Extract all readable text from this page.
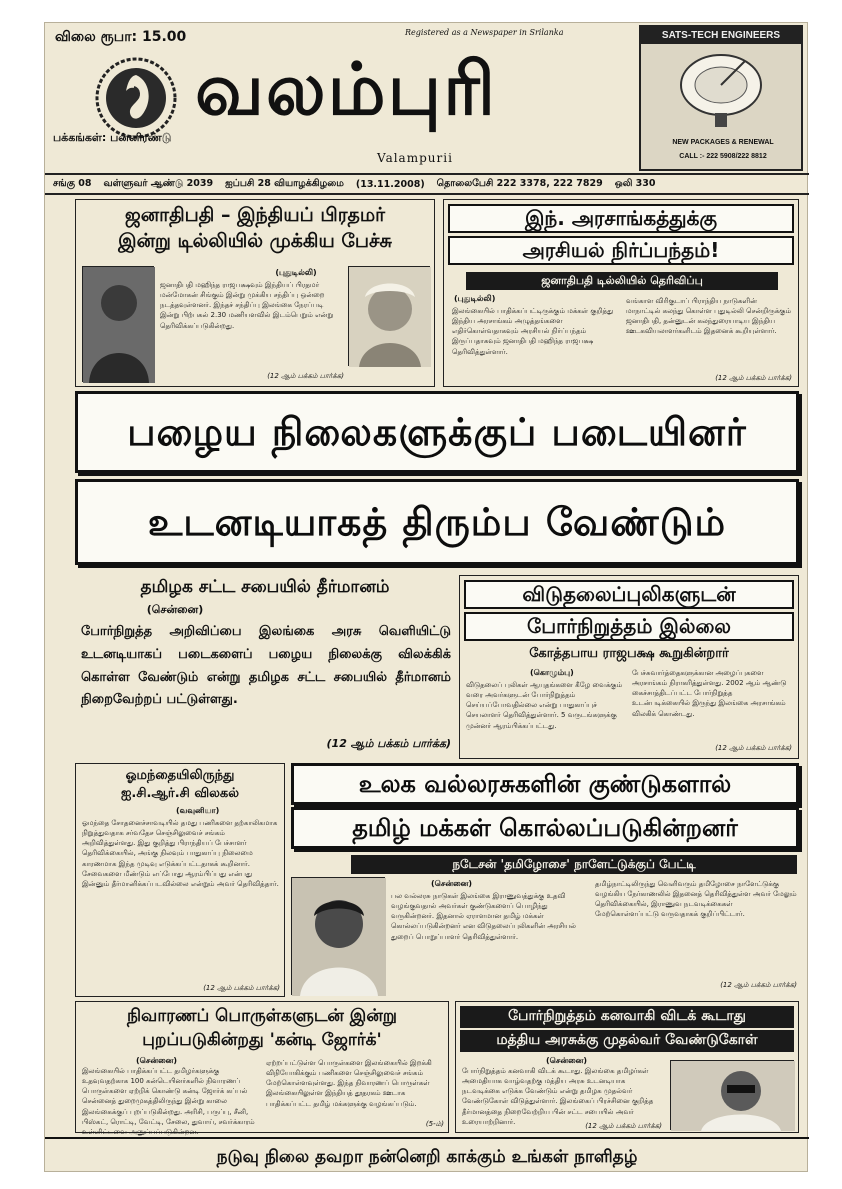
விலை ரூபா: 15.00	Registered as a Newspaper in Srilanka
வலம்புரி
பக்கங்கள்: பன்னிரண்டு
Valampurii
SATS-TECH ENGINEERS
NEW PACKAGES & RENEWAL
CALL :- 222 5908/222 8812
சங்கு 08 வள்ளுவர் ஆண்டு 2039 ஐப்பசி 28 வியாழக்கிழமை (13.11.2008) தொலைபேசி 222 3378, 222 7829 ஒலி 330
ஜனாதிபதி – இந்தியப் பிரதமர்
இன்று டில்லியில் முக்கிய பேச்சு
(புதுடில்லி)
ஜனாதிபதி மஹிந்த ராஜபக்ஷவும் இந்தியப் பிரதமர் மன்மோகன் சிங்கும் இன்று முக்கிய சந்திப்பு ஒன்றை நடத்தவுள்ளனர். இந்தச் சந்திப்பு இலங்கை நேரப்படி இன்று பிற்பகல் 2.30 மணியளவில் இடம்பெறும் என்று தெரிவிக்கப்படுகின்றது.
(12 ஆம் பக்கம் பார்க்க)
இந். அரசாங்கத்துக்கு
அரசியல் நிர்ப்பந்தம்!
ஜனாதிபதி டில்லியில் தெரிவிப்பு
(புதுடில்லி)
இலங்கையில் பாதிக்கப்பட்டிருக்கும் மக்கள் குறித்து இந்திய அரசாங்கம் அழுத்தங்களை எதிர்கொள்வதாகவும் அரசியல் நிர்ப்பந்தம் இருப்பதாகவும் ஜனாதிபதி மஹிந்த ராஜபக்ஷ தெரிவித்துள்ளார்.
வங்காள விரிகுடாப் பிராந்திய நாடுகளின் மாநாட்டில் கலந்து கொள்ள புதுடில்லி சென்றிருக்கும் ஜனாதிபதி, தன்னுடன் கலந்துரையாடிய இந்திய ஊடகவியலாளர்களிடம் இதனைக் கூறியுள்ளார்.
(12 ஆம் பக்கம் பார்க்க)
பழைய நிலைகளுக்குப் படையினர்
உடனடியாகத் திரும்ப வேண்டும்
தமிழக சட்ட சபையில் தீர்மானம்
(சென்னை)
போர்நிறுத்த அறிவிப்பை இலங்கை அரசு வெளியிட்டு உடனடியாகப் படைகளைப் பழைய நிலைக்கு விலக்கிக் கொள்ள வேண்டும் என்று தமிழக சட்ட சபையில் தீர்மானம் நிறைவேற்றப் பட்டுள்ளது.
(12 ஆம் பக்கம் பார்க்க)
விடுதலைப்புலிகளுடன்
போர்நிறுத்தம் இல்லை
கோத்தபாய ராஜபக்ஷ கூறுகின்றார்
(கொழும்பு)
விடுதலைப் புலிகள் ஆயுதங்களை கீழே வைக்கும் வரை அவர்களுடன் போர்நிறுத்தம் செய்யப்போவதில்லை என்று பாதுகாப்புச் செயலாளர் தெரிவித்துள்ளார். 5 வருடங்களுக்கு முன்னர் ஆரம்பிக்கப்பட்டது.
பேச்சுவார்த்தைகளுக்கான அழைப்புகளை அரசாங்கம் நிராகரித்துள்ளது. 2002 ஆம் ஆண்டு கைச்சாத்திடப்பட்ட போர்நிறுத்த உடன்படிக்கையில் இருந்து இலங்கை அரசாங்கம் விலகிக் கொண்டது.
(12 ஆம் பக்கம் பார்க்க)
ஓமந்தையிலிருந்து
ஐ.சி.ஆர்.சி விலகல்
(வவுனியா)
ஓமந்தை சோதனைச்சாவடியில் தமது பணிகளை தற்காலிகமாக நிறுத்துவதாக சர்வதேச செஞ்சிலுவைச் சங்கம் அறிவித்துள்ளது. இது குறித்து பிராந்தியப் பேச்சாளர் தெரிவிக்கையில், அங்கு நிலவும் பாதுகாப்பு நிலைமை காரணமாக இந்த முடிவு எடுக்கப்பட்டதாகக் கூறினார். சேவைகளை மீண்டும் எப்போது ஆரம்பிப்பது என்பது இன்னும் தீர்மானிக்கப்படவில்லை என்றும் அவர் தெரிவித்தார்.
(12 ஆம் பக்கம் பார்க்க)
உலக வல்லரசுகளின் குண்டுகளால்
தமிழ் மக்கள் கொல்லப்படுகின்றனர்
நடேசன் 'தமிழோசை' நாளேட்டுக்குப் பேட்டி
(சென்னை)
பல வல்லரசு நாடுகள் இலங்கை இராணுவத்துக்கு உதவி வழங்குவதால் அவர்கள் குண்டுகளைப் பொழிந்து வருகின்றனர். இதனால் ஏராளமான தமிழ் மக்கள் கொல்லப்படுகின்றனர் என விடுதலைப்புலிகளின் அரசியல் துறைப் பொறுப்பாளர் தெரிவித்துள்ளார்.
தமிழ்நாட்டிலிருந்து வெளிவரும் தமிழோசை நாளேட்டுக்கு வழங்கிய நேர்காணலில் இதனைத் தெரிவித்துள்ள அவர் மேலும் தெரிவிக்கையில், இராணுவ நடவடிக்கைகள் மேற்கொள்ளப்பட்டு வருவதாகக் குறிப்பிட்டார்.
(12 ஆம் பக்கம் பார்க்க)
நிவாரணப் பொருள்களுடன் இன்று
புறப்படுகின்றது 'கன்டி ஜோர்க்'
(சென்னை)
இலங்கையில் பாதிக்கப்பட்ட தமிழர்களுக்கு உதவுவதற்காக 100 கன்டெயினர்களில் நிவாரணப் பொருள்களை ஏற்றிக் கொண்டு கன்டி ஜோர்க் கப்பல் சென்னைத் துறைமுகத்திலிருந்து இன்று காலை இலங்கைக்குப் புறப்படுகின்றது. அரிசி, பருப்பு, சீனி, பிஸ்கட், ரொட்டி, வேட்டி, சேலை, துவாய், சவர்க்காரம் உள்ளிட்டவை அனுப்பப்படுகின்றன.
ஏற்றப்பட்டுள்ள பொருள்களை இலங்கையில் இறக்கி விநியோகிக்கும் பணிகளை செஞ்சிலுவைச் சங்கம் மேற்கொள்ளவுள்ளது. இந்த நிவாரணப் பொருள்கள் இலங்கையிலுள்ள இந்தியத் தூதரகம் ஊடாக பாதிக்கப்பட்ட தமிழ் மக்களுக்கு வழங்கப்படும்.
(5-ம்)
போர்நிறுத்தம் கனவாகி விடக் கூடாது
மத்திய அரசுக்கு முதல்வர் வேண்டுகோள்
(சென்னை)
போர்நிறுத்தம் கனவாகி விடக் கூடாது. இலங்கை தமிழர்கள் அமைதியாக வாழ்வதற்கு மத்திய அரசு உடனடியாக நடவடிக்கை எடுக்க வேண்டும் என்று தமிழக முதல்வர் வேண்டுகோள் விடுத்துள்ளார். இலங்கைப் பிரச்சினை குறித்த தீர்மானத்தை நிறைவேற்றிய பின் சட்ட சபையில் அவர் உரையாற்றினார்.
(12 ஆம் பக்கம் பார்க்க)
நடுவு நிலை தவறா நன்னெறி காக்கும் உங்கள் நாளிதழ்
